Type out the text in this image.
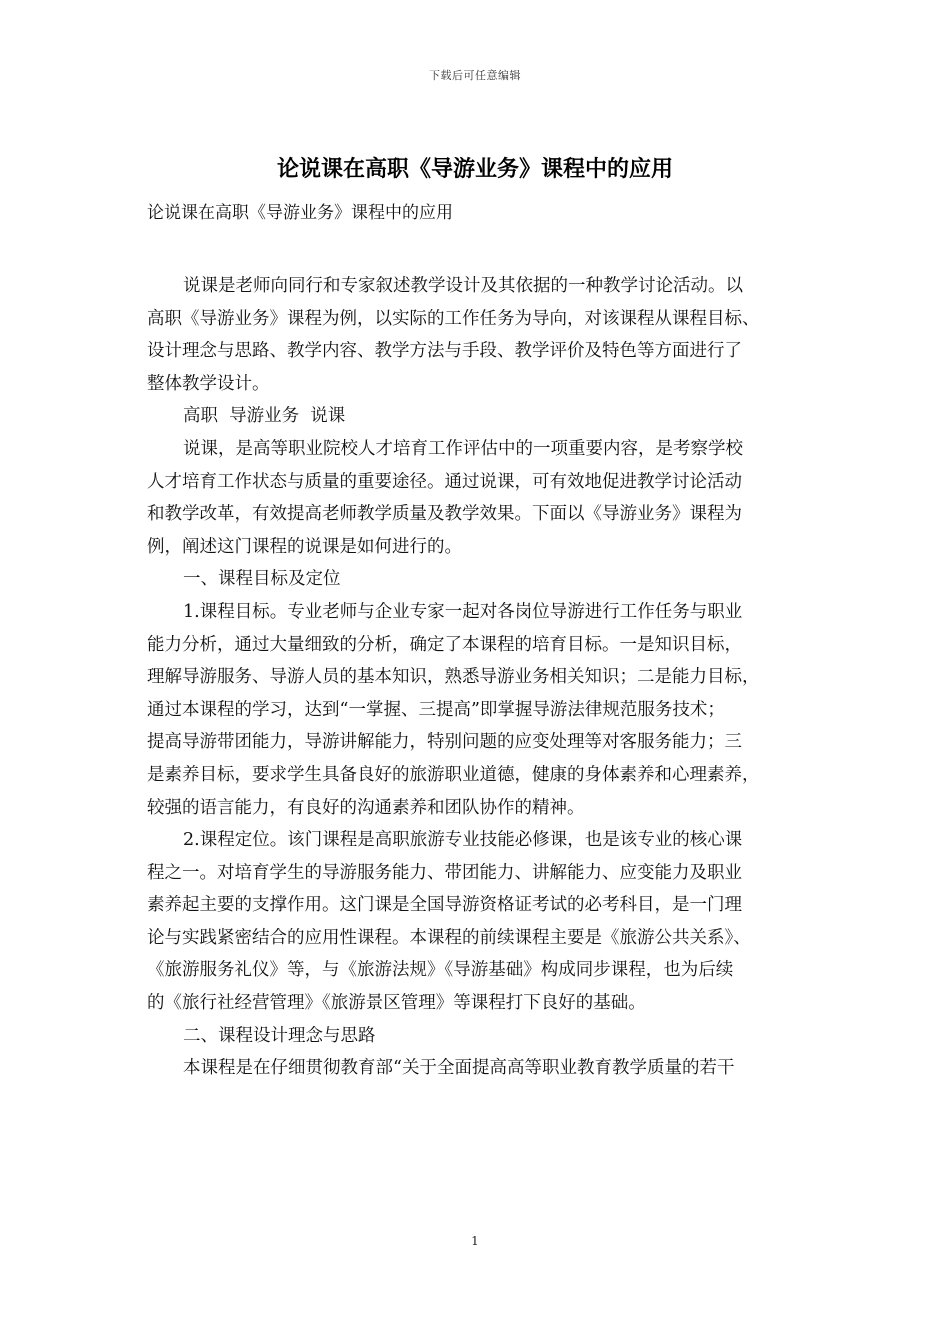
下载后可任意编辑
论说课在高职《导游业务》课程中的应用
论说课在高职《导游业务》课程中的应用
说课是老师向同行和专家叙述教学设计及其依据的一种教学讨论活动。以
高职《导游业务》课程为例，以实际的工作任务为导向，对该课程从课程目标、
设计理念与思路、教学内容、教学方法与手段、教学评价及特色等方面进行了
整体教学设计。
高职  导游业务  说课
说课，是高等职业院校人才培育工作评估中的一项重要内容，是考察学校
人才培育工作状态与质量的重要途径。通过说课，可有效地促进教学讨论活动
和教学改革，有效提高老师教学质量及教学效果。下面以《导游业务》课程为
例，阐述这门课程的说课是如何进行的。
一、课程目标及定位
1.课程目标。专业老师与企业专家一起对各岗位导游进行工作任务与职业
能力分析，通过大量细致的分析，确定了本课程的培育目标。一是知识目标，
理解导游服务、导游人员的基本知识，熟悉导游业务相关知识；二是能力目标，
通过本课程的学习，达到“一掌握、三提高”即掌握导游法律规范服务技术；
提高导游带团能力，导游讲解能力，特别问题的应变处理等对客服务能力；三
是素养目标，要求学生具备良好的旅游职业道德，健康的身体素养和心理素养，
较强的语言能力，有良好的沟通素养和团队协作的精神。
2.课程定位。该门课程是高职旅游专业技能必修课，也是该专业的核心课
程之一。对培育学生的导游服务能力、带团能力、讲解能力、应变能力及职业
素养起主要的支撑作用。这门课是全国导游资格证考试的必考科目，是一门理
论与实践紧密结合的应用性课程。本课程的前续课程主要是《旅游公共关系》、
《旅游服务礼仪》等，与《旅游法规》《导游基础》构成同步课程，也为后续
的《旅行社经营管理》《旅游景区管理》等课程打下良好的基础。
二、课程设计理念与思路
本课程是在仔细贯彻教育部“关于全面提高高等职业教育教学质量的若干
1
